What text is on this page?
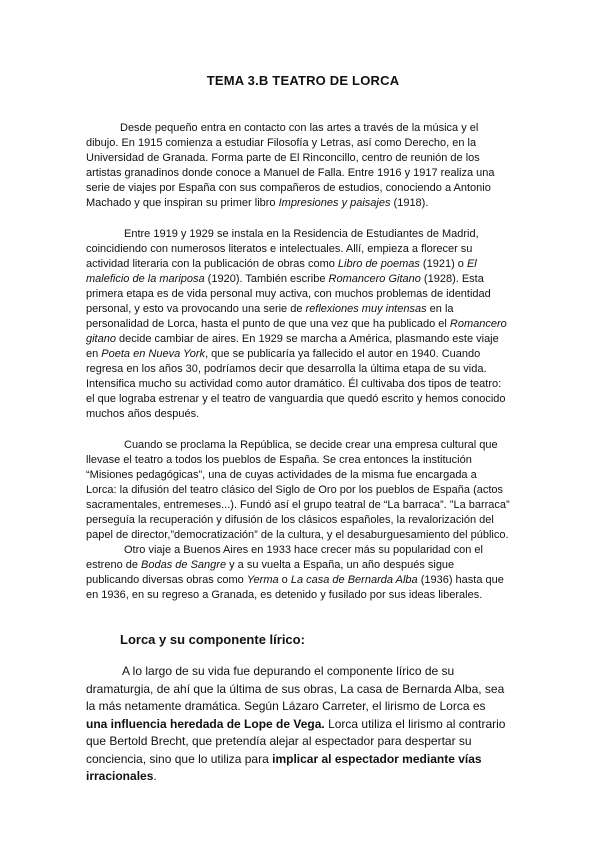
TEMA 3.B TEATRO DE LORCA

Desde pequeño entra en contacto con las artes a través de la música y el dibujo. En 1915 comienza a estudiar Filosofía y Letras, así como Derecho, en la Universidad de Granada. Forma parte de El Rinconcillo, centro de reunión de los artistas granadinos donde conoce a Manuel de Falla. Entre 1916 y 1917 realiza una serie de viajes por España con sus compañeros de estudios, conociendo a Antonio Machado y que inspiran su primer libro Impresiones y paisajes (1918).

Entre 1919 y 1929 se instala en la Residencia de Estudiantes de Madrid, coincidiendo con numerosos literatos e intelectuales. Allí, empieza a florecer su actividad literaria con la publicación de obras como Libro de poemas (1921) o El maleficio de la mariposa (1920). También escribe Romancero Gitano (1928). Esta primera etapa es de vida personal muy activa, con muchos problemas de identidad personal, y esto va provocando una serie de reflexiones muy intensas en la personalidad de Lorca, hasta el punto de que una vez que ha publicado el Romancero gitano decide cambiar de aires. En 1929 se marcha a América, plasmando este viaje en Poeta en Nueva York, que se publicaría ya fallecido el autor en 1940. Cuando regresa en los años 30, podríamos decir que desarrolla la última etapa de su vida. Intensifica mucho su actividad como autor dramático. Él cultivaba dos tipos de teatro: el que lograba estrenar y el teatro de vanguardia que quedó escrito y hemos conocido muchos años después.

Cuando se proclama la República, se decide crear una empresa cultural que llevase el teatro a todos los pueblos de España. Se crea entonces la institución “Misiones pedagógicas”, una de cuyas actividades de la misma fue encargada a Lorca: la difusión del teatro clásico del Siglo de Oro por los pueblos de España (actos sacramentales, entremeses...). Fundó así el grupo teatral de “La barraca”. ”La barraca” perseguía la recuperación y difusión de los clásicos españoles, la revalorización del papel de director,”democratización” de la cultura, y el desaburguesamiento del público.

Otro viaje a Buenos Aires en 1933 hace crecer más su popularidad con el estreno de Bodas de Sangre y a su vuelta a España, un año después sigue publicando diversas obras como Yerma o La casa de Bernarda Alba (1936) hasta que en 1936, en su regreso a Granada, es detenido y fusilado por sus ideas liberales.

Lorca y su componente lírico:

A lo largo de su vida fue depurando el componente lírico de su dramaturgia, de ahí que la última de sus obras, La casa de Bernarda Alba, sea la más netamente dramática. Según Lázaro Carreter, el lirismo de Lorca es una influencia heredada de Lope de Vega. Lorca utiliza el lirismo al contrario que Bertold Brecht, que pretendía alejar al espectador para despertar su conciencia, sino que lo utiliza para implicar al espectador mediante vías irracionales.
